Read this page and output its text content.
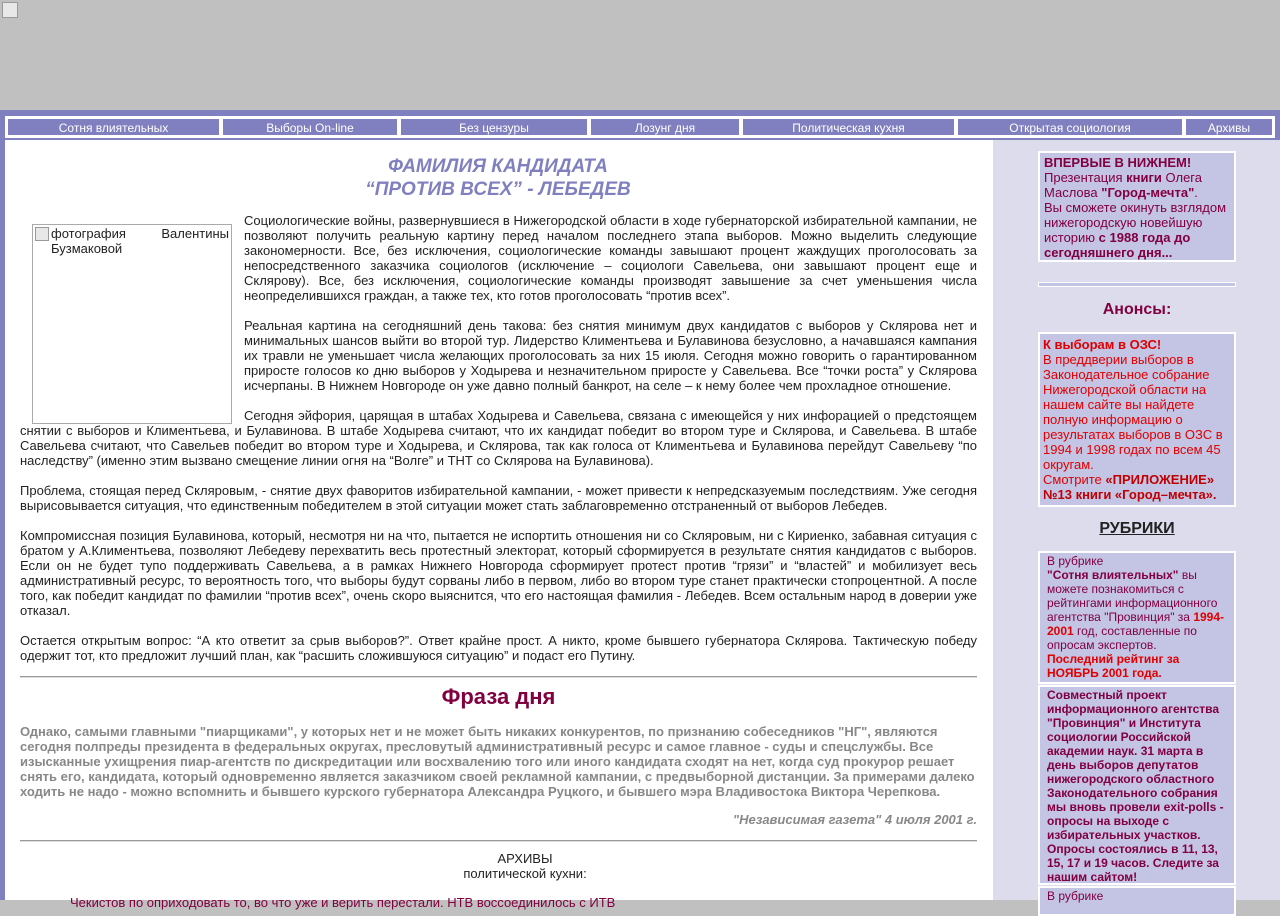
Сотня влиятельных	Выборы On-line	Без цензуры	Лозунг дня	Политическая кухня	Открытая социология	Архивы
ФАМИЛИЯ КАНДИДАТА
“ПРОТИВ ВСЕХ” - ЛЕБЕДЕВ
фотография Валентины
Бузмаковой

Социологические войны, развернувшиеся в Нижегородской области в ходе губернаторской избирательной кампании, не позволяют получить реальную картину перед началом последнего этапа выборов. Можно выделить следующие закономерности. Все, без исключения, социологические команды завышают процент жаждущих проголосовать за непосредственного заказчика социологов (исключение – социологи Савельева, они завышают процент еще и Склярову). Все, без исключения, социологические команды производят завышение за счет уменьшения числа неопределившихся граждан, а также тех, кто готов проголосовать “против всех”.

Реальная картина на сегодняшний день такова: без снятия минимум двух кандидатов с выборов у Склярова нет и минимальных шансов выйти во второй тур. Лидерство Климентьева и Булавинова безусловно, а начавшаяся кампания их травли не уменьшает числа желающих проголосовать за них 15 июля. Сегодня можно говорить о гарантированном приросте голосов ко дню выборов у Ходырева и незначительном приросте у Савельева. Все “точки роста” у Склярова исчерпаны. В Нижнем Новгороде он уже давно полный банкрот, на селе – к нему более чем прохладное отношение.

Сегодня эйфория, царящая в штабах Ходырева и Савельева, связана с имеющейся у них инфорацией о предстоящем снятии с выборов и Климентьева, и Булавинова. В штабе Ходырева считают, что их кандидат победит во втором туре и Склярова, и Савельева. В штабе Савельева считают, что Савельев победит во втором туре и Ходырева, и Склярова, так как голоса от Климентьева и Булавинова перейдут Савельеву “по наследству” (именно этим вызвано смещение линии огня на “Волге” и ТНТ со Склярова на Булавинова).

Проблема, стоящая перед Скляровым, - снятие двух фаворитов избирательной кампании, - может привести к непредсказуемым последствиям. Уже сегодня вырисовывается ситуация, что единственным победителем в этой ситуации может стать заблаговременно отстраненный от выборов Лебедев.

Компромиссная позиция Булавинова, который, несмотря ни на что, пытается не испортить отношения ни со Скляровым, ни с Кириенко, забавная ситуация с братом у А.Климентьева, позволяют Лебедеву перехватить весь протестный электорат, который сформируется в результате снятия кандидатов с выборов. Если он не будет тупо поддерживать Савельева, а в рамках Нижнего Новгорода сформирует протест против “грязи” и “властей” и мобилизует весь административный ресурс, то вероятность того, что выборы будут сорваны либо в первом, либо во втором туре станет практически стопроцентной. А после того, как победит кандидат по фамилии “против всех”, очень скоро выяснится, что его настоящая фамилия - Лебедев. Всем остальным народ в доверии уже отказал.

Остается открытым вопрос: “А кто ответит за срыв выборов?”. Ответ крайне прост. А никто, кроме бывшего губернатора Склярова. Тактическую победу одержит тот, кто предложит лучший план, как “расшить сложившуюся ситуацию” и подаст его Путину.

Фраза дня
Однако, самыми главными "пиарщиками", у которых нет и не может быть никаких конкурентов, по признанию собеседников "НГ", являются сегодня полпреды президента в федеральных округах, пресловутый административный ресурс и самое главное - суды и спецслужбы. Все изысканные ухищрения пиар-агентств по дискредитации или восхвалению того или иного кандидата сходят на нет, когда суд прокурор решает снять его, кандидата, который одновременно является заказчиком своей рекламной кампании, с предвыборной дистанции. За примерами далеко ходить не надо - можно вспомнить и бывшего курского губернатора Александра Руцкого, и бывшего мэра Владивостока Виктора Черепкова.
"Независимая газета" 4 июля 2001 г.
АРХИВЫ
политической кухни:
Чекистов по оприходовать то, во что уже и верить перестали. НТВ воссоединилось с ИТВ
ВПЕРВЫЕ В НИЖНЕМ!
Презентация книги Олега Маслова "Город-мечта".
Вы сможете окинуть взглядом нижегородскую новейшую историю с 1988 года до сегодняшнего дня...
Анонсы:
К выборам в ОЗС!
В преддверии выборов в Законодательное собрание Нижегородской области на нашем сайте вы найдете полную информацию о результатах выборов в ОЗС в 1994 и 1998 годах по всем 45 округам.
Смотрите «ПРИЛОЖЕНИЕ» №13 книги «Город–мечта».
РУБРИКИ
В рубрике
"Сотня влиятельных" вы можете познакомиться с рейтингами информационного агентства "Провинция" за 1994-2001 год, составленные по опросам экспертов.
Последний рейтинг за НОЯБРЬ 2001 года.
Совместный проект информационного агентства "Провинция" и Института социологии Российской академии наук. 31 марта в день выборов депутатов нижегородского областного Законодательного собрания мы вновь провели exit-polls - опросы на выходе с избирательных участков. Опросы состоялись в 11, 13, 15, 17 и 19 часов. Следите за нашим сайтом!
В рубрике
